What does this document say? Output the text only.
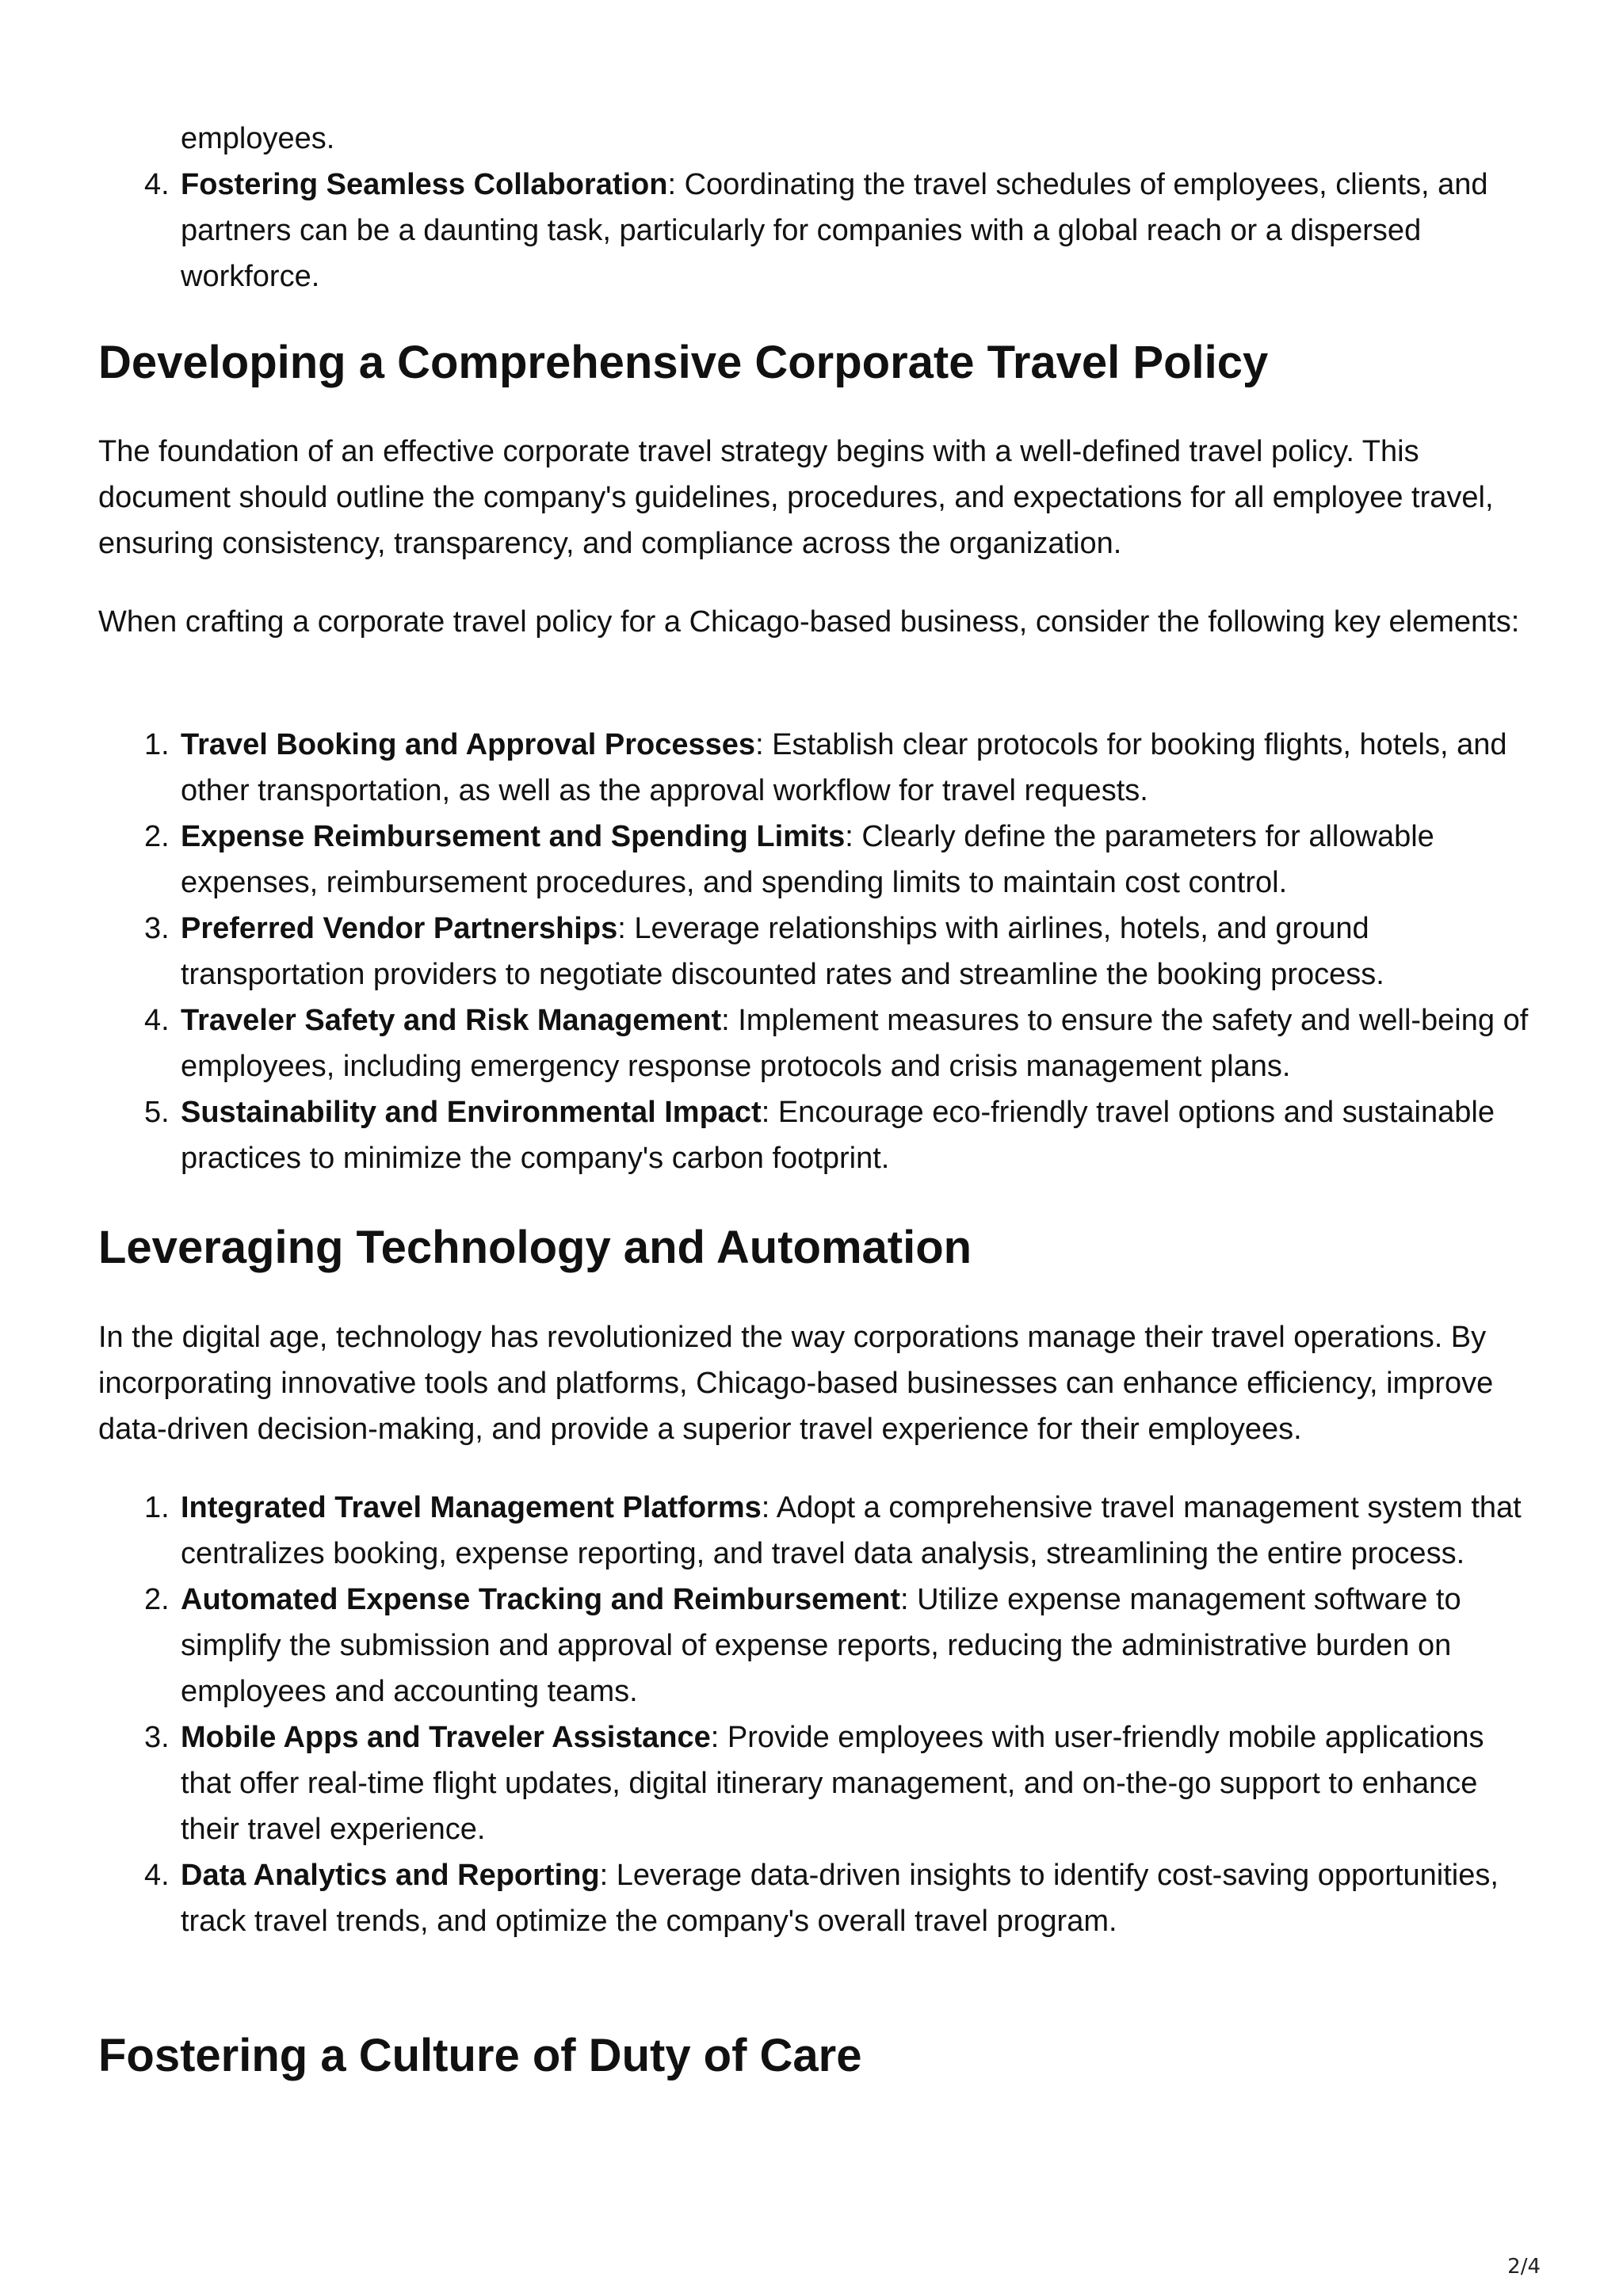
employees.

4. Fostering Seamless Collaboration: Coordinating the travel schedules of employees, clients, and partners can be a daunting task, particularly for companies with a global reach or a dispersed workforce.
Developing a Comprehensive Corporate Travel Policy

The foundation of an effective corporate travel strategy begins with a well-defined travel policy. This document should outline the company's guidelines, procedures, and expectations for all employee travel, ensuring consistency, transparency, and compliance across the organization.

When crafting a corporate travel policy for a Chicago-based business, consider the following key elements:

1. Travel Booking and Approval Processes: Establish clear protocols for booking flights, hotels, and other transportation, as well as the approval workflow for travel requests.
2. Expense Reimbursement and Spending Limits: Clearly define the parameters for allowable expenses, reimbursement procedures, and spending limits to maintain cost control.
3. Preferred Vendor Partnerships: Leverage relationships with airlines, hotels, and ground transportation providers to negotiate discounted rates and streamline the booking process.
4. Traveler Safety and Risk Management: Implement measures to ensure the safety and well-being of employees, including emergency response protocols and crisis management plans.
5. Sustainability and Environmental Impact: Encourage eco-friendly travel options and sustainable practices to minimize the company's carbon footprint.
Leveraging Technology and Automation

In the digital age, technology has revolutionized the way corporations manage their travel operations. By incorporating innovative tools and platforms, Chicago-based businesses can enhance efficiency, improve data-driven decision-making, and provide a superior travel experience for their employees.

1. Integrated Travel Management Platforms: Adopt a comprehensive travel management system that centralizes booking, expense reporting, and travel data analysis, streamlining the entire process.
2. Automated Expense Tracking and Reimbursement: Utilize expense management software to simplify the submission and approval of expense reports, reducing the administrative burden on employees and accounting teams.
3. Mobile Apps and Traveler Assistance: Provide employees with user-friendly mobile applications that offer real-time flight updates, digital itinerary management, and on-the-go support to enhance their travel experience.
4. Data Analytics and Reporting: Leverage data-driven insights to identify cost-saving opportunities, track travel trends, and optimize the company's overall travel program.
Fostering a Culture of Duty of Care
2/4
